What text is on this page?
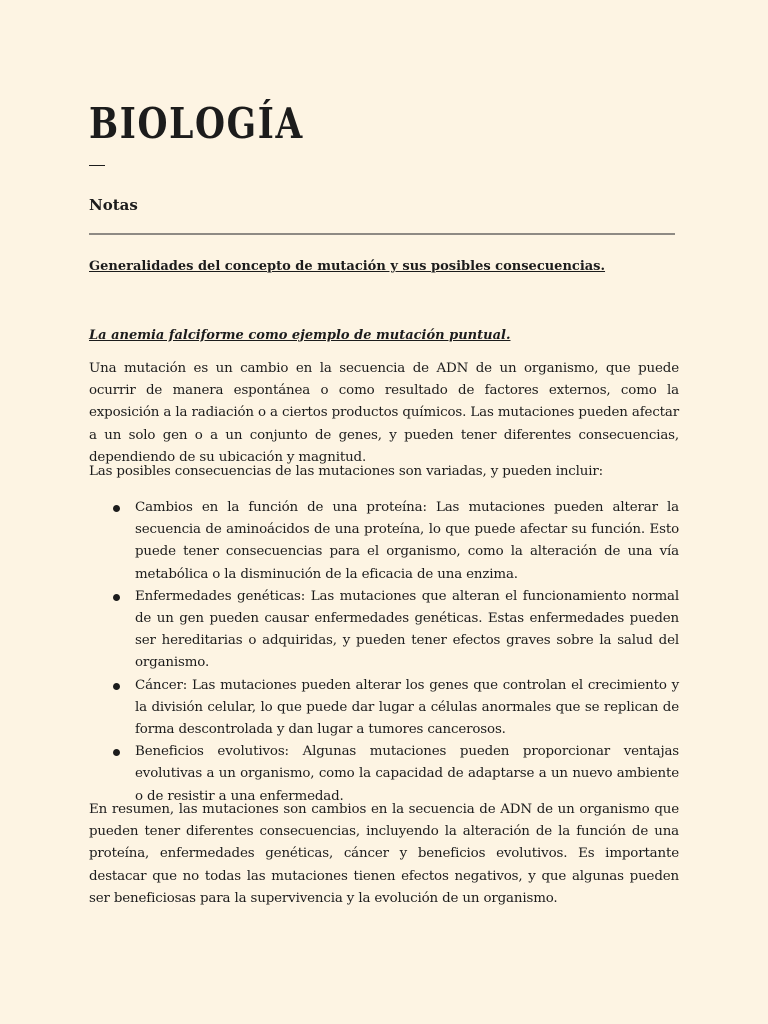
BIOLOGÍA
Notas
Generalidades del concepto de mutación y sus posibles consecuencias.
La anemia falciforme como ejemplo de mutación puntual.

Una mutación es un cambio en la secuencia de ADN de un organismo, que puede ocurrir de manera espontánea o como resultado de factores externos, como la exposición a la radiación o a ciertos productos químicos. Las mutaciones pueden afectar a un solo gen o a un conjunto de genes, y pueden tener diferentes consecuencias, dependiendo de su ubicación y magnitud.

Las posibles consecuencias de las mutaciones son variadas, y pueden incluir:

Cambios en la función de una proteína: Las mutaciones pueden alterar la secuencia de aminoácidos de una proteína, lo que puede afectar su función. Esto puede tener consecuencias para el organismo, como la alteración de una vía metabólica o la disminución de la eficacia de una enzima.
Enfermedades genéticas: Las mutaciones que alteran el funcionamiento normal de un gen pueden causar enfermedades genéticas. Estas enfermedades pueden ser hereditarias o adquiridas, y pueden tener efectos graves sobre la salud del organismo.
Cáncer: Las mutaciones pueden alterar los genes que controlan el crecimiento y la división celular, lo que puede dar lugar a células anormales que se replican de forma descontrolada y dan lugar a tumores cancerosos.
Beneficios evolutivos: Algunas mutaciones pueden proporcionar ventajas evolutivas a un organismo, como la capacidad de adaptarse a un nuevo ambiente o de resistir a una enfermedad.

En resumen, las mutaciones son cambios en la secuencia de ADN de un organismo que pueden tener diferentes consecuencias, incluyendo la alteración de la función de una proteína, enfermedades genéticas, cáncer y beneficios evolutivos. Es importante destacar que no todas las mutaciones tienen efectos negativos, y que algunas pueden ser beneficiosas para la supervivencia y la evolución de un organismo.
